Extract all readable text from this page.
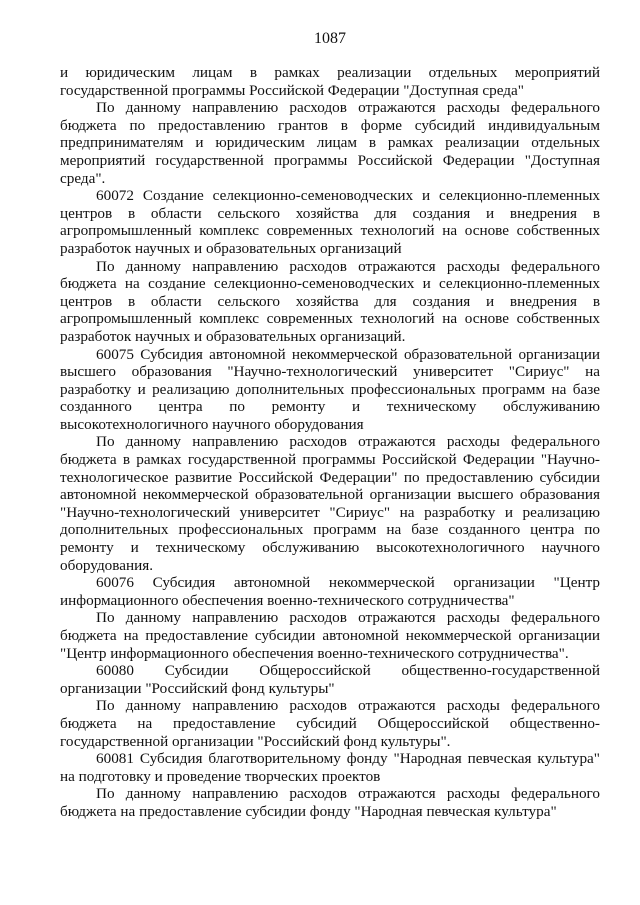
1087

и юридическим лицам в рамках реализации отдельных мероприятий государственной программы Российской Федерации "Доступная среда"

По данному направлению расходов отражаются расходы федерального бюджета по предоставлению грантов в форме субсидий индивидуальным предпринимателям и юридическим лицам в рамках реализации отдельных мероприятий государственной программы Российской Федерации "Доступная среда".

60072 Создание селекционно-семеноводческих и селекционно-племенных центров в области сельского хозяйства для создания и внедрения в агропромышленный комплекс современных технологий на основе собственных разработок научных и образовательных организаций

По данному направлению расходов отражаются расходы федерального бюджета на создание селекционно-семеноводческих и селекционно-племенных центров в области сельского хозяйства для создания и внедрения в агропромышленный комплекс современных технологий на основе собственных разработок научных и образовательных организаций.

60075 Субсидия автономной некоммерческой образовательной организации высшего образования "Научно-технологический университет "Сириус" на разработку и реализацию дополнительных профессиональных программ на базе созданного центра по ремонту и техническому обслуживанию высокотехнологичного научного оборудования

По данному направлению расходов отражаются расходы федерального бюджета в рамках государственной программы Российской Федерации "Научно-технологическое развитие Российской Федерации" по предоставлению субсидии автономной некоммерческой образовательной организации высшего образования "Научно-технологический университет "Сириус" на разработку и реализацию дополнительных профессиональных программ на базе созданного центра по ремонту и техническому обслуживанию высокотехнологичного научного оборудования.

60076 Субсидия автономной некоммерческой организации "Центр информационного обеспечения военно-технического сотрудничества"

По данному направлению расходов отражаются расходы федерального бюджета на предоставление субсидии автономной некоммерческой организации "Центр информационного обеспечения военно-технического сотрудничества".

60080 Субсидии Общероссийской общественно-государственной организации "Российский фонд культуры"

По данному направлению расходов отражаются расходы федерального бюджета на предоставление субсидий Общероссийской общественно-государственной организации "Российский фонд культуры".

60081 Субсидия благотворительному фонду "Народная певческая культура" на подготовку и проведение творческих проектов

По данному направлению расходов отражаются расходы федерального бюджета на предоставление субсидии фонду "Народная певческая культура"
